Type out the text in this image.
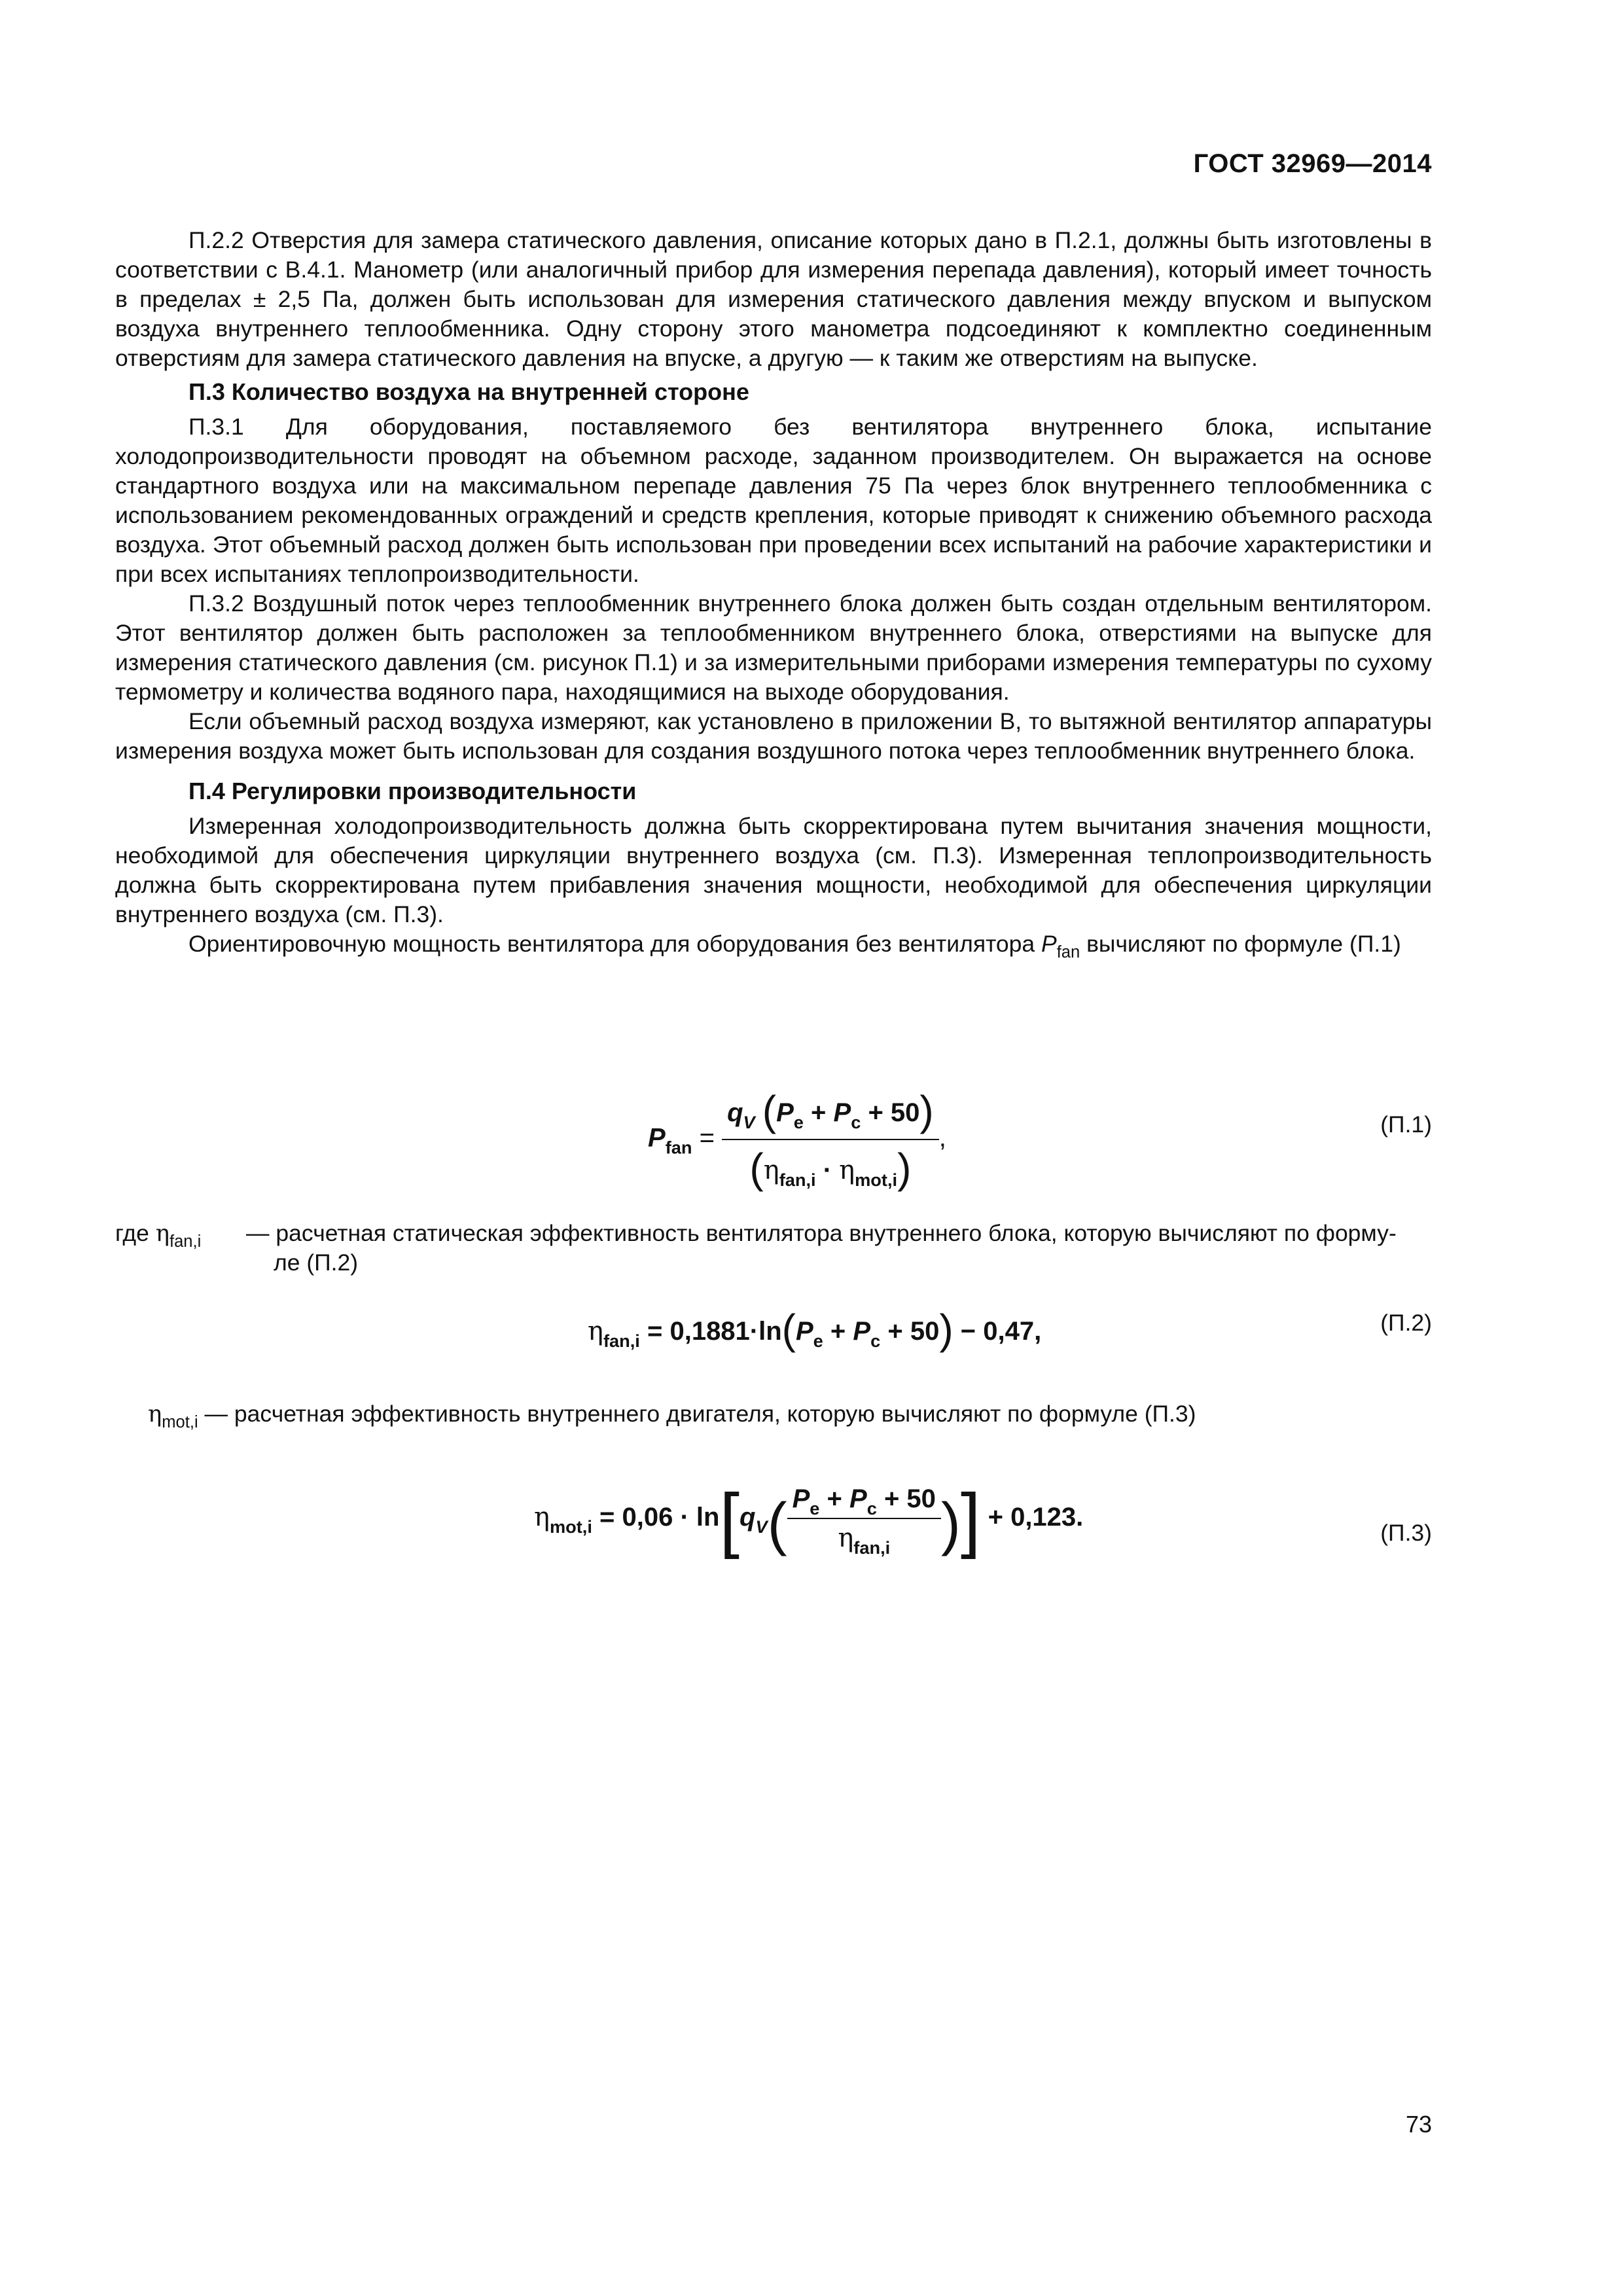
ГОСТ 32969—2014

П.2.2 Отверстия для замера статического давления, описание которых дано в П.2.1, должны быть изготовлены в соответствии с В.4.1. Манометр (или аналогичный прибор для измерения перепада давления), который имеет точность в пределах ± 2,5 Па, должен быть использован для измерения статического давления между впуском и выпуском воздуха внутреннего теплообменника. Одну сторону этого манометра подсоединяют к комплектно соединенным отверстиям для замера статического давления на впуске, а другую — к таким же отверстиям на выпуске.

П.3 Количество воздуха на внутренней стороне

П.3.1 Для оборудования, поставляемого без вентилятора внутреннего блока, испытание холодопроизводительности проводят на объемном расходе, заданном производителем. Он выражается на основе стандартного воздуха или на максимальном перепаде давления 75 Па через блок внутреннего теплообменника с использованием рекомендованных ограждений и средств крепления, которые приводят к снижению объемного расхода воздуха. Этот объемный расход должен быть использован при проведении всех испытаний на рабочие характеристики и при всех испытаниях теплопроизводительности.

П.3.2 Воздушный поток через теплообменник внутреннего блока должен быть создан отдельным вентилятором. Этот вентилятор должен быть расположен за теплообменником внутреннего блока, отверстиями на выпуске для измерения статического давления (см. рисунок П.1) и за измерительными приборами измерения температуры по сухому термометру и количества водяного пара, находящимися на выходе оборудования.

Если объемный расход воздуха измеряют, как установлено в приложении В, то вытяжной вентилятор аппаратуры измерения воздуха может быть использован для создания воздушного потока через теплообменник внутреннего блока.

П.4 Регулировки производительности

Измеренная холодопроизводительность должна быть скорректирована путем вычитания значения мощности, необходимой для обеспечения циркуляции внутреннего воздуха (см. П.3). Измеренная теплопроизводительность должна быть скорректирована путем прибавления значения мощности, необходимой для обеспечения циркуляции внутреннего воздуха (см. П.3).

Ориентировочную мощность вентилятора для оборудования без вентилятора $P_{fan}$ вычисляют по формуле (П.1)

$P_{fan} = \frac{q_V (P_e + P_c + 50)}{(\eta_{fan,i} \cdot \eta_{mot,i})}$ ,	(П.1)
где $\eta_{fan,i}$	— расчетная статическая эффективность вентилятора внутреннего блока, которую вычисляют по форму-
ле (П.2)
$\eta_{fan,i} = 0,1881\cdot\ln(P_e + P_c + 50) - 0,47$,	(П.2)
$\eta_{mot,i}$ — расчетная эффективность внутреннего двигателя, которую вычисляют по формуле (П.3)
$\eta_{mot,i} = 0,06 \cdot \ln[q_V( \frac{P_e + P_c + 50}{\eta_{fan,i}}$ )] + 0,123.
(П.3)
73
